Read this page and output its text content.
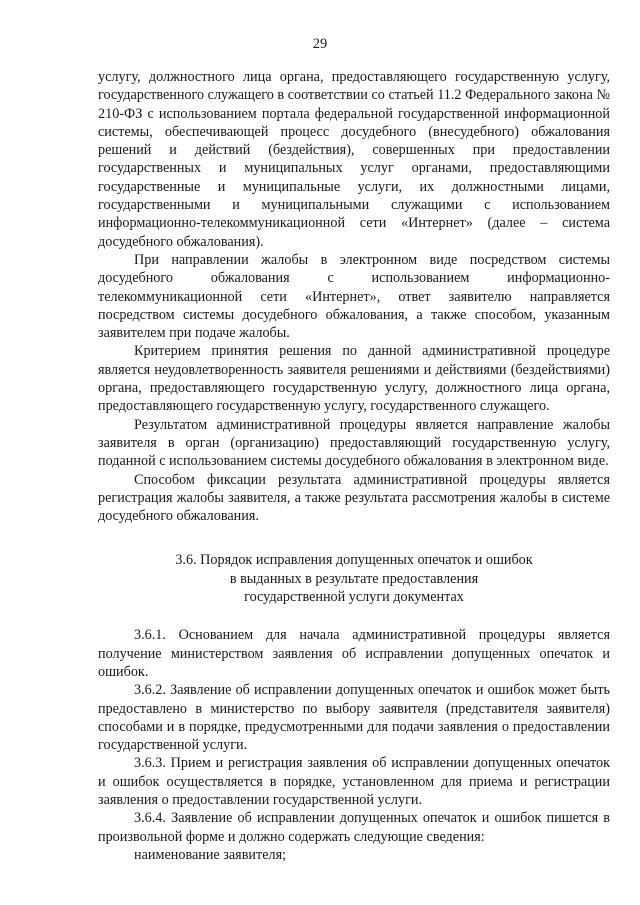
29

услугу, должностного лица органа, предоставляющего государственную услугу, государственного служащего в соответствии со статьей 11.2 Федерального закона № 210-ФЗ с использованием портала федеральной государственной информационной системы, обеспечивающей процесс досудебного (внесудебного) обжалования решений и действий (бездействия), совершенных при предоставлении государственных и муниципальных услуг органами, предоставляющими государственные и муниципальные услуги, их должностными лицами, государственными и муниципальными служащими с использованием информационно-телекоммуникационной сети «Интернет» (далее – система досудебного обжалования).

При направлении жалобы в электронном виде посредством системы досудебного обжалования с использованием информационно-телекоммуникационной сети «Интернет», ответ заявителю направляется посредством системы досудебного обжалования, а также способом, указанным заявителем при подаче жалобы.

Критерием принятия решения по данной административной процедуре является неудовлетворенность заявителя решениями и действиями (бездействиями) органа, предоставляющего государственную услугу, должностного лица органа, предоставляющего государственную услугу, государственного служащего.

Результатом административной процедуры является направление жалобы заявителя в орган (организацию) предоставляющий государственную услугу, поданной с использованием системы досудебного обжалования в электронном виде.

Способом фиксации результата административной процедуры является регистрация жалобы заявителя, а также результата рассмотрения жалобы в системе досудебного обжалования.

3.6. Порядок исправления допущенных опечаток и ошибок
в выданных в результате предоставления
государственной услуги документах

3.6.1. Основанием для начала административной процедуры является получение министерством заявления об исправлении допущенных опечаток и ошибок.

3.6.2. Заявление об исправлении допущенных опечаток и ошибок может быть предоставлено в министерство по выбору заявителя (представителя заявителя) способами и в порядке, предусмотренными для подачи заявления о предоставлении государственной услуги.

3.6.3. Прием и регистрация заявления об исправлении допущенных опечаток и ошибок осуществляется в порядке, установленном для приема и регистрации заявления о предоставлении государственной услуги.

3.6.4. Заявление об исправлении допущенных опечаток и ошибок пишется в произвольной форме и должно содержать следующие сведения:

наименование заявителя;
